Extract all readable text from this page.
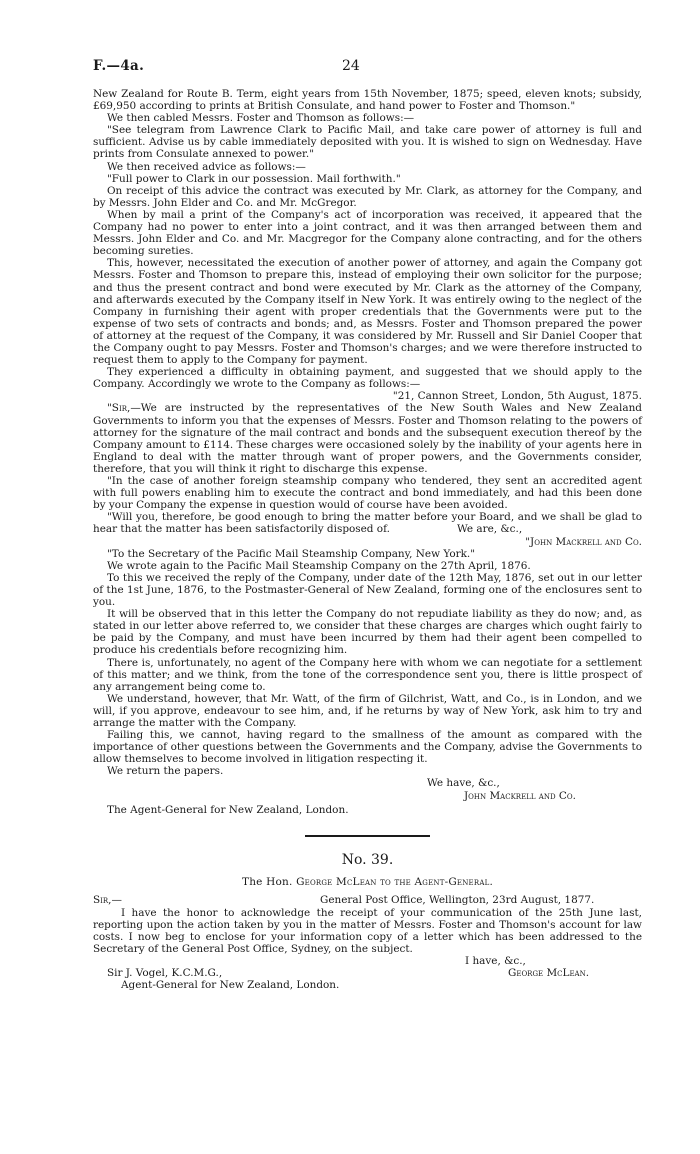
F.—4a.	24

New Zealand for Route B. Term, eight years from 15th November, 1875; speed, eleven knots; subsidy, £69,950 according to prints at British Consulate, and hand power to Foster and Thomson."

We then cabled Messrs. Foster and Thomson as follows:—

"See telegram from Lawrence Clark to Pacific Mail, and take care power of attorney is full and sufficient. Advise us by cable immediately deposited with you. It is wished to sign on Wednesday. Have prints from Consulate annexed to power."

We then received advice as follows:—

"Full power to Clark in our possession. Mail forthwith."

On receipt of this advice the contract was executed by Mr. Clark, as attorney for the Company, and by Messrs. John Elder and Co. and Mr. McGregor.

When by mail a print of the Company's act of incorporation was received, it appeared that the Company had no power to enter into a joint contract, and it was then arranged between them and Messrs. John Elder and Co. and Mr. Macgregor for the Company alone contracting, and for the others becoming sureties.

This, however, necessitated the execution of another power of attorney, and again the Company got Messrs. Foster and Thomson to prepare this, instead of employing their own solicitor for the purpose; and thus the present contract and bond were executed by Mr. Clark as the attorney of the Company, and afterwards executed by the Company itself in New York. It was entirely owing to the neglect of the Company in furnishing their agent with proper credentials that the Governments were put to the expense of two sets of contracts and bonds; and, as Messrs. Foster and Thomson prepared the power of attorney at the request of the Company, it was considered by Mr. Russell and Sir Daniel Cooper that the Company ought to pay Messrs. Foster and Thomson's charges; and we were therefore instructed to request them to apply to the Company for payment.

They experienced a difficulty in obtaining payment, and suggested that we should apply to the Company. Accordingly we wrote to the Company as follows:—

"21, Cannon Street, London, 5th August, 1875.

"Sir,—We are instructed by the representatives of the New South Wales and New Zealand Governments to inform you that the expenses of Messrs. Foster and Thomson relating to the powers of attorney for the signature of the mail contract and bonds and the subsequent execution thereof by the Company amount to £114. These charges were occasioned solely by the inability of your agents here in England to deal with the matter through want of proper powers, and the Governments consider, therefore, that you will think it right to discharge this expense.

"In the case of another foreign steamship company who tendered, they sent an accredited agent with full powers enabling him to execute the contract and bond immediately, and had this been done by your Company the expense in question would of course have been avoided.

"Will you, therefore, be good enough to bring the matter before your Board, and we shall be glad to hear that the matter has been satisfactorily disposed of.	We are, &c.,

"John Mackrell and Co.

"To the Secretary of the Pacific Mail Steamship Company, New York."

We wrote again to the Pacific Mail Steamship Company on the 27th April, 1876.

To this we received the reply of the Company, under date of the 12th May, 1876, set out in our letter of the 1st June, 1876, to the Postmaster-General of New Zealand, forming one of the enclosures sent to you.

It will be observed that in this letter the Company do not repudiate liability as they do now; and, as stated in our letter above referred to, we consider that these charges are charges which ought fairly to be paid by the Company, and must have been incurred by them had their agent been compelled to produce his credentials before recognizing him.

There is, unfortunately, no agent of the Company here with whom we can negotiate for a settlement of this matter; and we think, from the tone of the correspondence sent you, there is little prospect of any arrangement being come to.

We understand, however, that Mr. Watt, of the firm of Gilchrist, Watt, and Co., is in London, and we will, if you approve, endeavour to see him, and, if he returns by way of New York, ask him to try and arrange the matter with the Company.

Failing this, we cannot, having regard to the smallness of the amount as compared with the importance of other questions between the Governments and the Company, advise the Governments to allow themselves to become involved in litigation respecting it.

We return the papers.

We have, &c.,

John Mackrell and Co.

The Agent-General for New Zealand, London.

No. 39.
The Hon. George McLean to the Agent-General.
Sir,—	General Post Office, Wellington, 23rd August, 1877.

I have the honor to acknowledge the receipt of your communication of the 25th June last, reporting upon the action taken by you in the matter of Messrs. Foster and Thomson's account for law costs. I now beg to enclose for your information copy of a letter which has been addressed to the Secretary of the General Post Office, Sydney, on the subject.

I have, &c.,

Sir J. Vogel, K.C.M.G.,	George McLean.

Agent-General for New Zealand, London.
